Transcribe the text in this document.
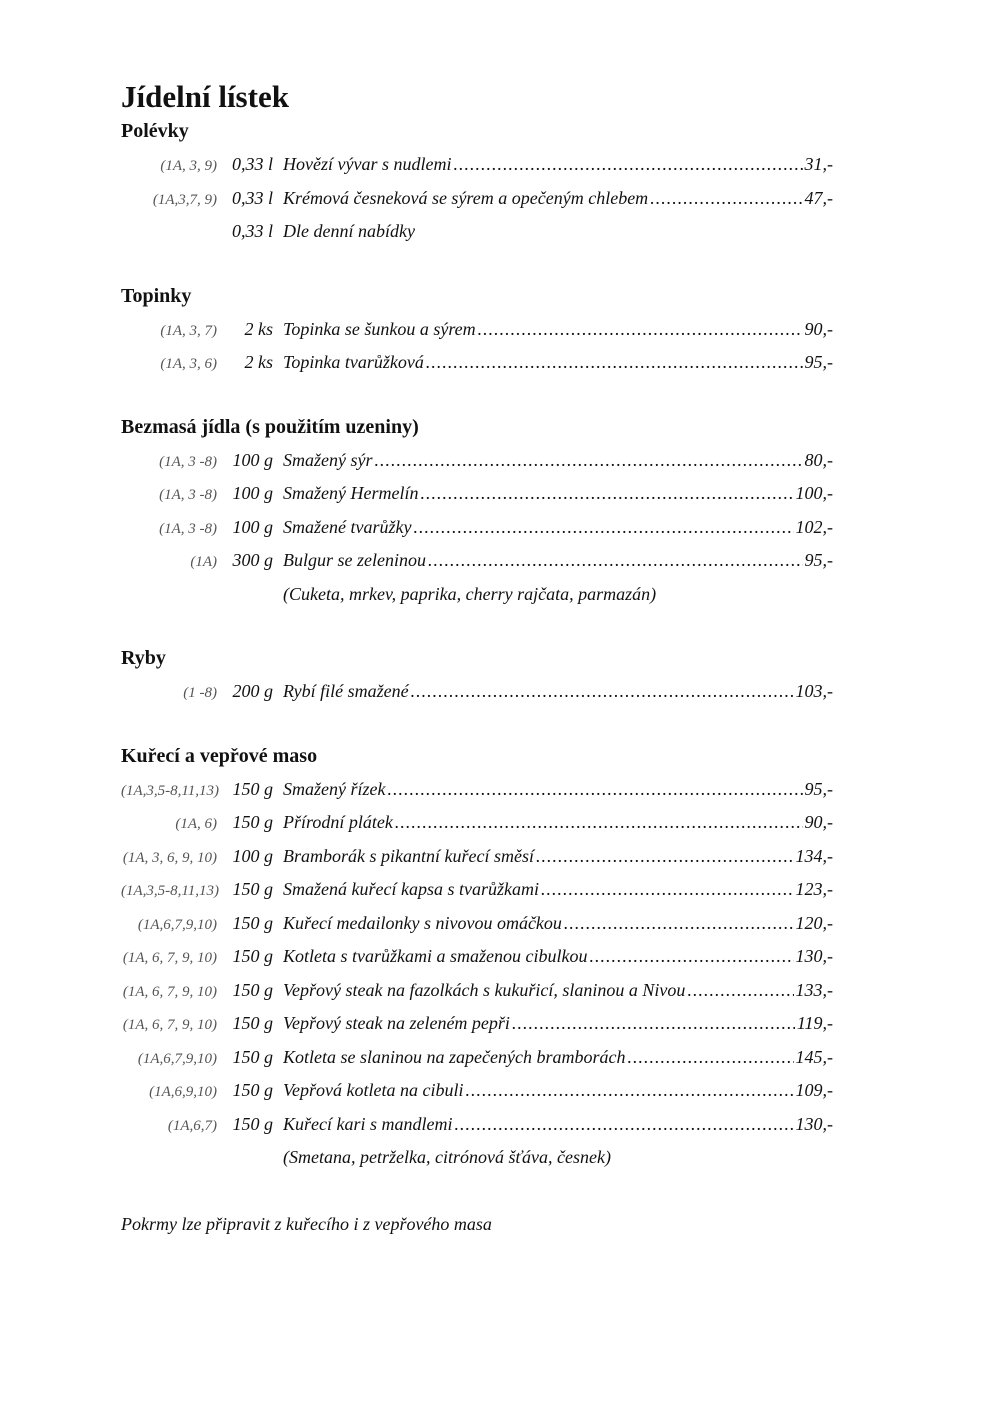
Jídelní lístek
Polévky
(1A, 3, 9) 0,33 l Hovězí vývar s nudlemi .....	31,-
(1A,3,7, 9) 0,33 l Krémová česneková se sýrem a opečeným chlebem .....	47,-
0,33 l Dle denní nabídky
Topinky
(1A, 3, 7)	2 ks Topinka se šunkou a sýrem .....	90,-
(1A, 3, 6)	2 ks Topinka tvarůžková .....	95,-
Bezmasá jídla (s použitím uzeniny)
(1A, 3 -8) 100 g Smažený sýr .....	80,-
(1A, 3 -8) 100 g Smažený Hermelín .....	100,-
(1A, 3 -8) 100 g Smažené tvarůžky .....	102,-
(1A) 300 g Bulgur se zeleninou .....	95,-
(Cuketa, mrkev, paprika, cherry rajčata, parmazán)
Ryby
(1 -8) 200 g Rybí filé smažené .....	103,-
Kuřecí a vepřové maso
(1A,3,5-8,11,13) 150 g Smažený řízek .....	95,-
(1A, 6) 150 g Přírodní plátek .....	90,-
(1A, 3, 6, 9, 10) 100 g Bramborák s pikantní kuřecí směsí .....	134,-
(1A,3,5-8,11,13) 150 g Smažená kuřecí kapsa s tvarůžkami .....	123,-
(1A,6,7,9,10) 150 g Kuřecí medailonky s nivovou omáčkou .....	120,-
(1A, 6, 7, 9, 10) 150 g Kotleta s tvarůžkami a smaženou cibulkou .....	130,-
(1A, 6, 7, 9, 10) 150 g Vepřový steak na fazolkách s kukuřicí, slaninou a Nivou .....	133,-
(1A, 6, 7, 9, 10) 150 g Vepřový steak na zeleném pepři .....	119,-
(1A,6,7,9,10) 150 g Kotleta se slaninou na zapečených bramborách .....	145,-
(1A,6,9,10) 150 g Vepřová kotleta na cibuli .....	109,-
(1A,6,7) 150 g Kuřecí kari s mandlemi .....	130,-
(Smetana, petrželka, citrónová šťáva, česnek)
Pokrmy lze připravit z kuřecího i z vepřového masa
